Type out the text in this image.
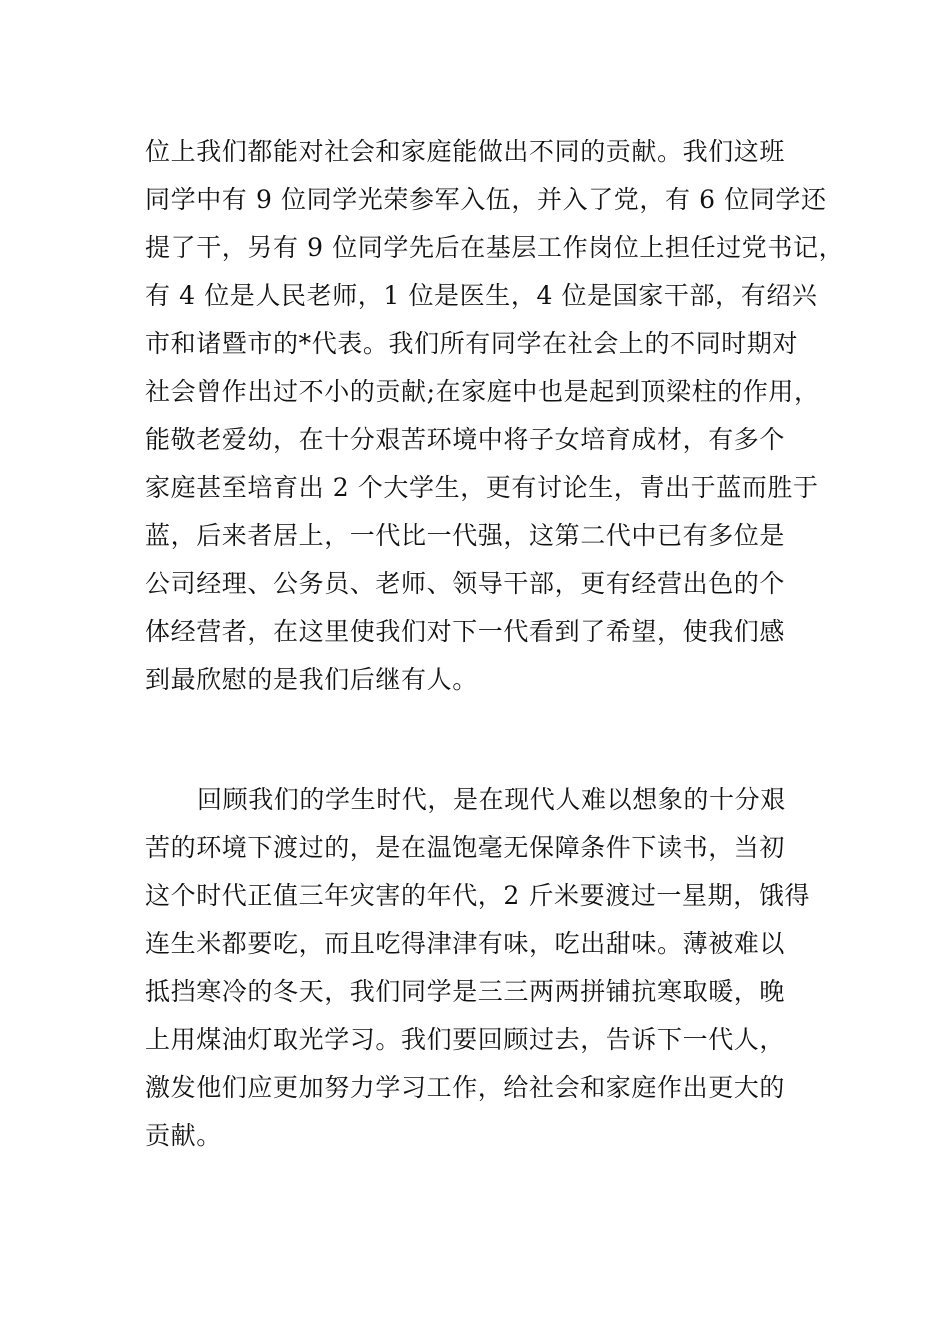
位上我们都能对社会和家庭能做出不同的贡献。我们这班
同学中有 9 位同学光荣参军入伍，并入了党，有 6 位同学还
提了干，另有 9 位同学先后在基层工作岗位上担任过党书记，
有 4 位是人民老师，1 位是医生，4 位是国家干部，有绍兴
市和诸暨市的*代表。我们所有同学在社会上的不同时期对
社会曾作出过不小的贡献;在家庭中也是起到顶梁柱的作用，
能敬老爱幼，在十分艰苦环境中将子女培育成材，有多个
家庭甚至培育出 2 个大学生，更有讨论生，青出于蓝而胜于
蓝，后来者居上，一代比一代强，这第二代中已有多位是
公司经理、公务员、老师、领导干部，更有经营出色的个
体经营者，在这里使我们对下一代看到了希望，使我们感
到最欣慰的是我们后继有人。
回顾我们的学生时代，是在现代人难以想象的十分艰
苦的环境下渡过的，是在温饱毫无保障条件下读书，当初
这个时代正值三年灾害的年代，2 斤米要渡过一星期，饿得
连生米都要吃，而且吃得津津有味，吃出甜味。薄被难以
抵挡寒冷的冬天，我们同学是三三两两拼铺抗寒取暖，晚
上用煤油灯取光学习。我们要回顾过去，告诉下一代人，
激发他们应更加努力学习工作，给社会和家庭作出更大的
贡献。
